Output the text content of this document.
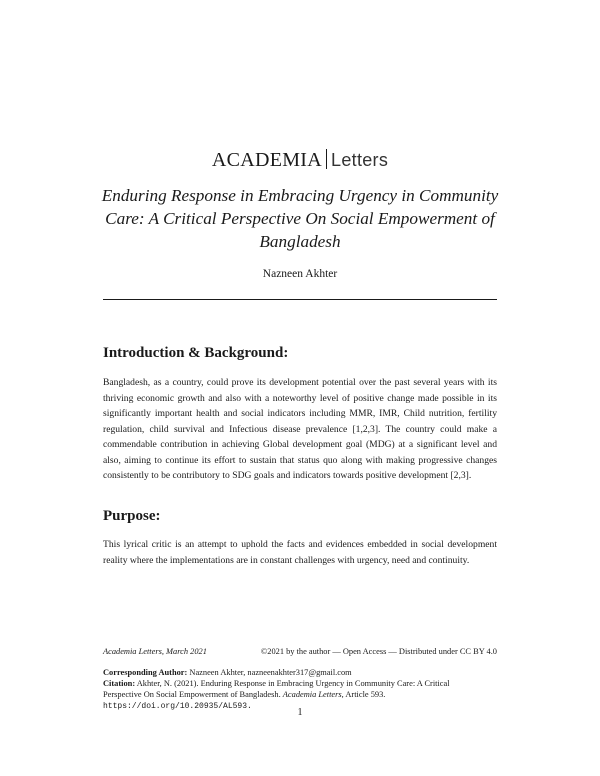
ACADEMIA Letters
Enduring Response in Embracing Urgency in Community
Care: A Critical Perspective On Social Empowerment of
Bangladesh
Nazneen Akhter
Introduction & Background:

Bangladesh, as a country, could prove its development potential over the past several years with its thriving economic growth and also with a noteworthy level of positive change made possible in its significantly important health and social indicators including MMR, IMR, Child nutrition, fertility regulation, child survival and Infectious disease prevalence [1,2,3]. The country could make a commendable contribution in achieving Global development goal (MDG) at a significant level and also, aiming to continue its effort to sustain that status quo along with making progressive changes consistently to be contributory to SDG goals and indicators towards positive development [2,3].

Purpose:

This lyrical critic is an attempt to uphold the facts and evidences embedded in social development reality where the implementations are in constant challenges with urgency, need and continuity.

Academia Letters, March 2021	©2021 by the author — Open Access — Distributed under CC BY 4.0
Corresponding Author: Nazneen Akhter, nazneenakhter317@gmail.com
Citation: Akhter, N. (2021). Enduring Response in Embracing Urgency in Community Care: A Critical
Perspective On Social Empowerment of Bangladesh. Academia Letters, Article 593.
https://doi.org/10.20935/AL593.
1
